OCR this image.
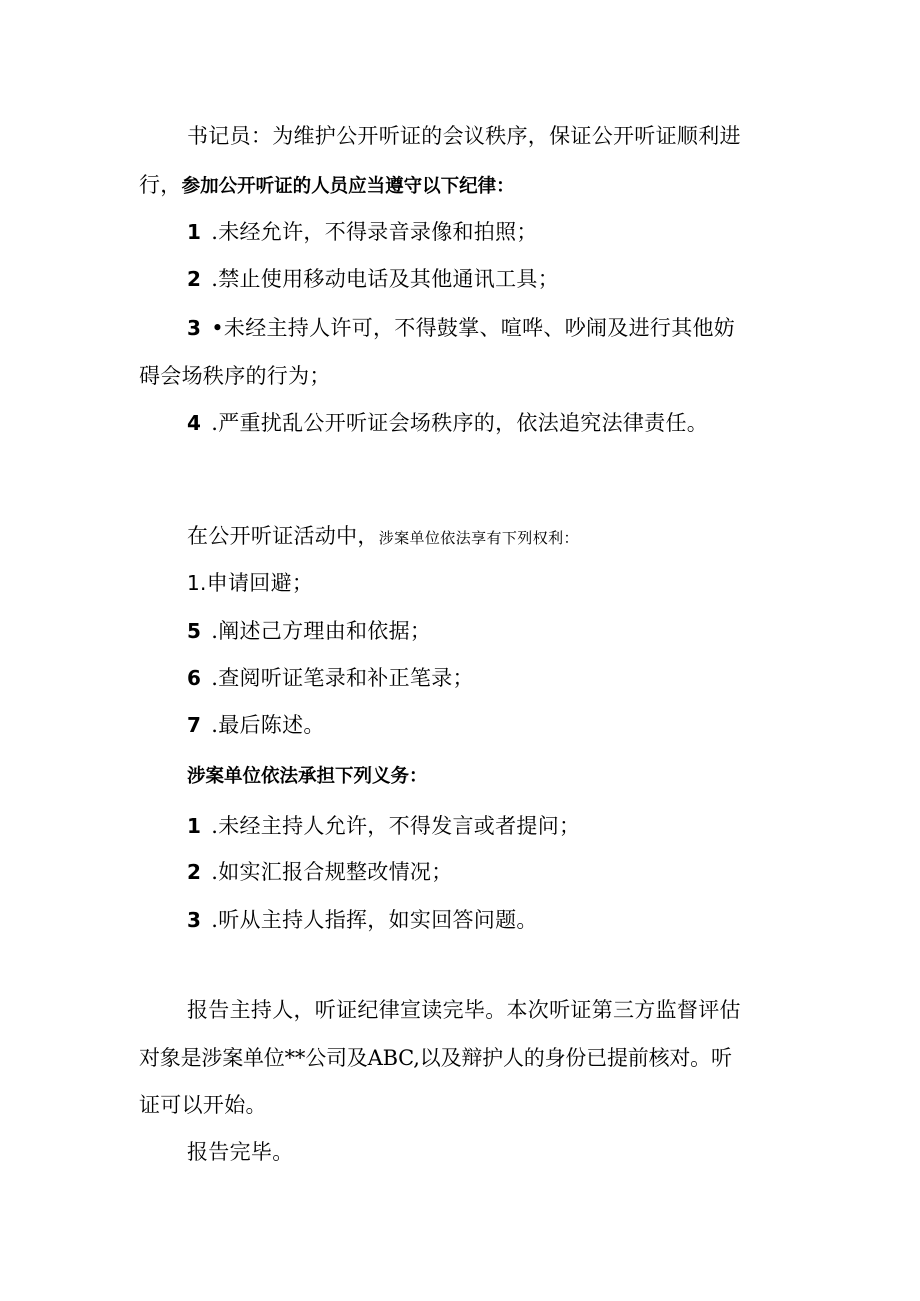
书记员：为维护公开听证的会议秩序，保证公开听证顺利进
行，参加公开听证的人员应当遵守以下纪律：
1 .未经允许，不得录音录像和拍照；
2 .禁止使用移动电话及其他通讯工具；
3 •未经主持人许可，不得鼓掌、喧哗、吵闹及进行其他妨
碍会场秩序的行为；
4 .严重扰乱公开听证会场秩序的，依法追究法律责任。
在公开听证活动中，涉案单位依法享有下列权利：
1.申请回避；
5 .阐述己方理由和依据；
6 .查阅听证笔录和补正笔录；
7 .最后陈述。
涉案单位依法承担下列义务：
1 .未经主持人允许，不得发言或者提问；
2 .如实汇报合规整改情况；
3 .听从主持人指挥，如实回答问题。
报告主持人，听证纪律宣读完毕。本次听证第三方监督评估
对象是涉案单位**公司及ABC,以及辩护人的身份已提前核对。听
证可以开始。
报告完毕。
